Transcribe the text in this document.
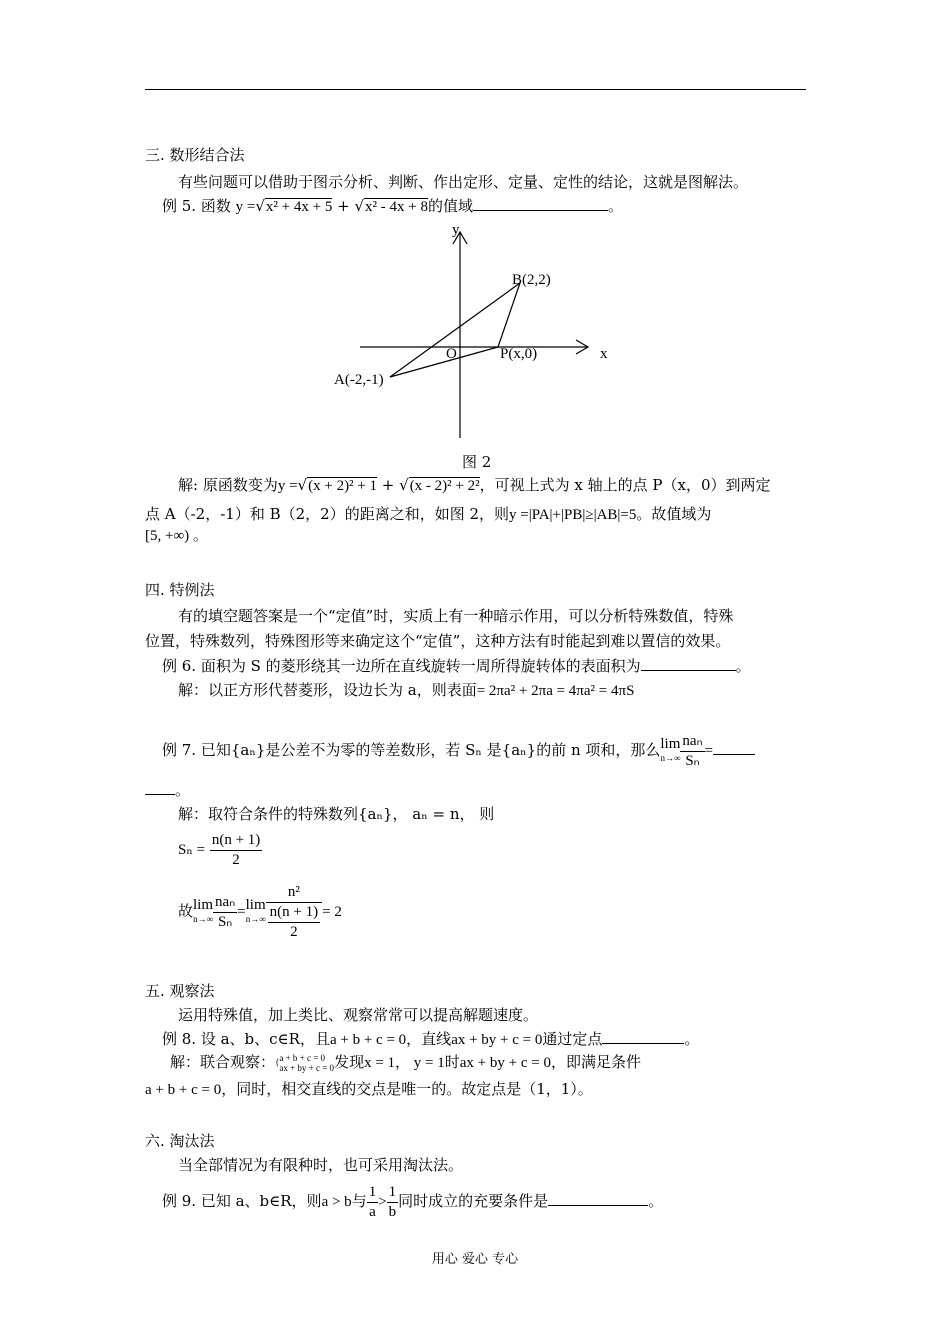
三. 数形结合法
有些问题可以借助于图示分析、判断、作出定形、定量、定性的结论，这就是图解法。
例 5. 函数 y =√x² + 4x + 5 + √x² - 4x + 8的值域	。
y
x
O
B(2,2)
P(x,0)
A(-2,-1)
图 2
解: 原函数变为y =√(x + 2)² + 1 + √(x - 2)² + 2²，可视上式为 x 轴上的点 P（x，0）到两定
点 A（-2，-1）和 B（2，2）的距离之和，如图 2，则y =|PA|+|PB|≥|AB|=5。故值域为
[5, +∞) 。
四. 特例法
有的填空题答案是一个“定值”时，实质上有一种暗示作用，可以分析特殊数值，特殊
位置，特殊数列，特殊图形等来确定这个“定值”，这种方法有时能起到难以置信的效果。
例 6. 面积为 S 的菱形绕其一边所在直线旋转一周所得旋转体的表面积为	。
解：以正方形代替菱形，设边长为 a，则表面= 2πa² + 2πa = 4πa² = 4πS
例 7. 已知{aₙ}是公差不为零的等差数形，若 Sₙ 是{aₙ}的前 n 项和，那么lim
$n\to\infty \frac{\text{naₙ}}{\text{Sₙ}}$ =
。
解：取符合条件的特殊数列{aₙ}， aₙ = n， 则
$S_n = \frac{n(n + 1)}{2}$
故lim
$n\to\infty \frac{\text{naₙ}}{\text{Sₙ}} =\lim$
$n\to\infty \frac{\text{n²}}{\frac{n(n + 1)}{2}} = 2$
五. 观察法
运用特殊值，加上类比、观察常常可以提高解题速度。
例 8. 设 a、b、c∈R，且a + b + c = 0，直线ax + by + c = 0通过定点	。
解：联合观察：{ a + b + c = 0
ax + by + c = 0 发现x = 1， y = 1时ax + by + c = 0，即满足条件
a + b + c = 0，同时，相交直线的交点是唯一的。故定点是（1，1）。
六. 淘汰法
当全部情况为有限种时，也可采用淘汰法。
例 9. 已知 a、b∈R，则a > b与 $\frac{1}{a} > \frac{1}{b}$ 同时成立的充要条件是	。
用心 爱心 专心
